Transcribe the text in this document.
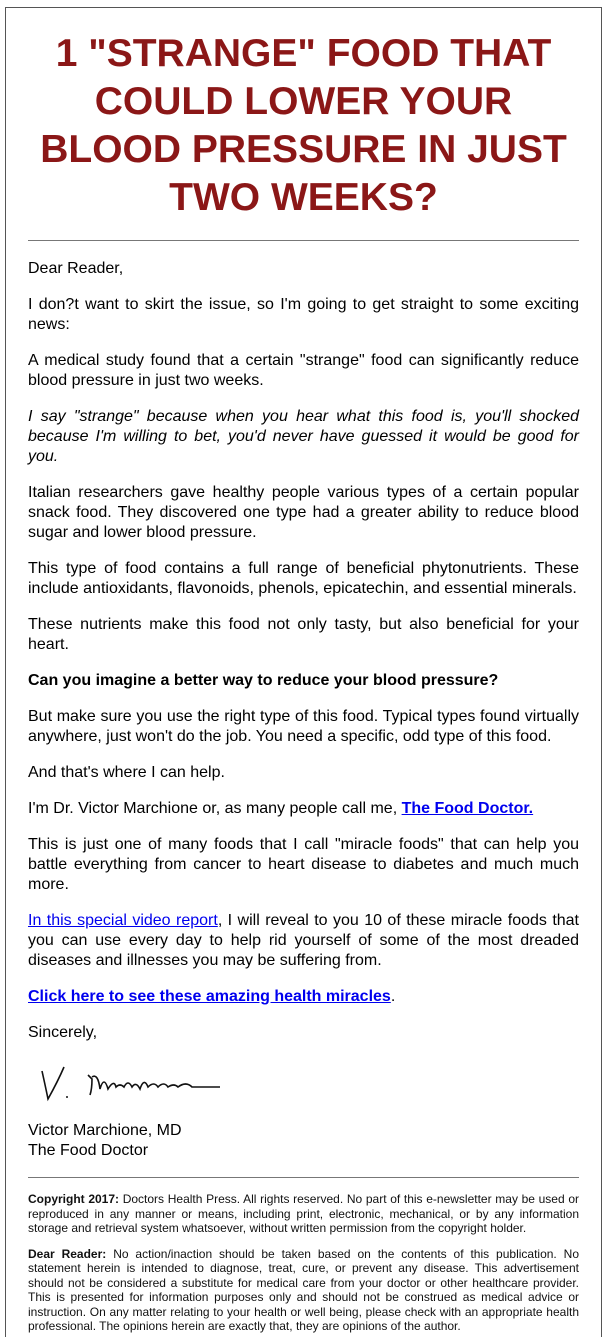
1 "STRANGE" FOOD THAT COULD LOWER YOUR BLOOD PRESSURE IN JUST TWO WEEKS?

Dear Reader,

I don?t want to skirt the issue, so I'm going to get straight to some exciting news:

A medical study found that a certain "strange" food can significantly reduce blood pressure in just two weeks.

I say "strange" because when you hear what this food is, you'll shocked because I'm willing to bet, you'd never have guessed it would be good for you.

Italian researchers gave healthy people various types of a certain popular snack food. They discovered one type had a greater ability to reduce blood sugar and lower blood pressure.

This type of food contains a full range of beneficial phytonutrients. These include antioxidants, flavonoids, phenols, epicatechin, and essential minerals.

These nutrients make this food not only tasty, but also beneficial for your heart.

Can you imagine a better way to reduce your blood pressure?

But make sure you use the right type of this food. Typical types found virtually anywhere, just won't do the job. You need a specific, odd type of this food.

And that's where I can help.

I'm Dr. Victor Marchione or, as many people call me, The Food Doctor.

This is just one of many foods that I call "miracle foods" that can help you battle everything from cancer to heart disease to diabetes and much much more.

In this special video report, I will reveal to you 10 of these miracle foods that you can use every day to help rid yourself of some of the most dreaded diseases and illnesses you may be suffering from.

Click here to see these amazing health miracles.

Sincerely,

Victor Marchione, MD
The Food Doctor

Copyright 2017: Doctors Health Press. All rights reserved. No part of this e-newsletter may be used or reproduced in any manner or means, including print, electronic, mechanical, or by any information storage and retrieval system whatsoever, without written permission from the copyright holder.

Dear Reader: No action/inaction should be taken based on the contents of this publication. No statement herein is intended to diagnose, treat, cure, or prevent any disease. This advertisement should not be considered a substitute for medical care from your doctor or other healthcare provider. This is presented for information purposes only and should not be construed as medical advice or instruction. On any matter relating to your health or well being, please check with an appropriate health professional. The opinions herein are exactly that, they are opinions of the author.
